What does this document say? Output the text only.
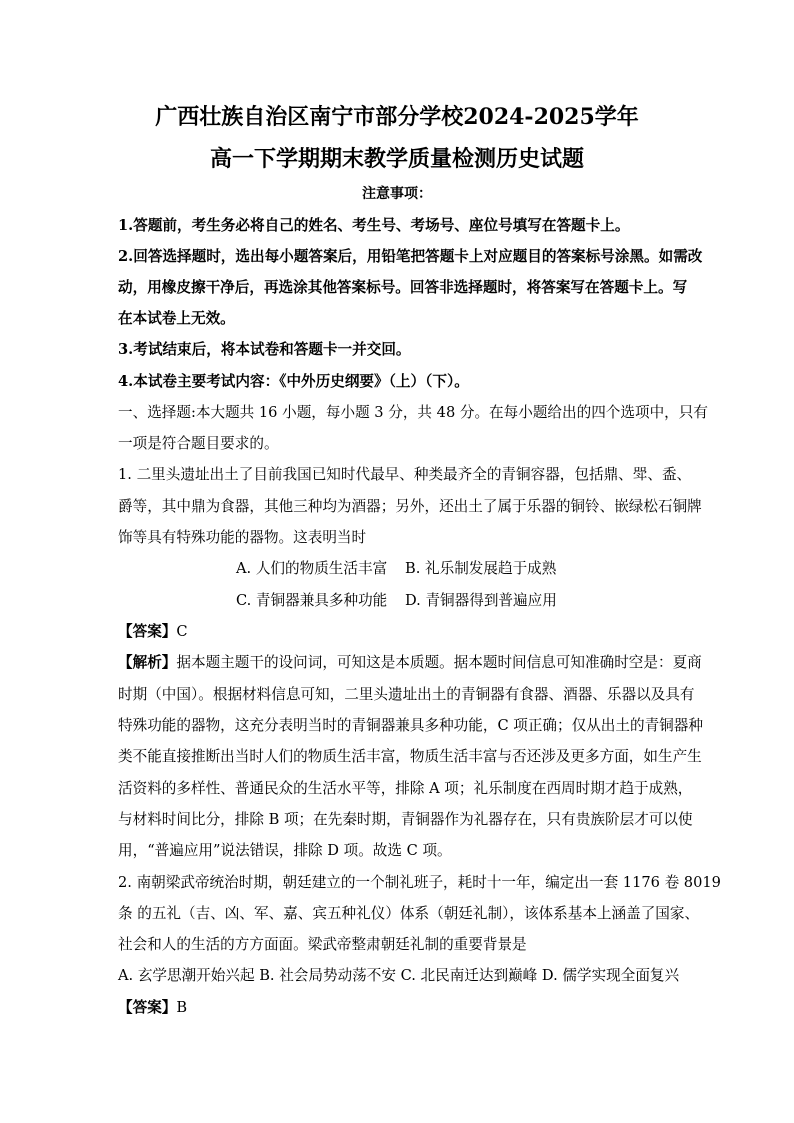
广西壮族自治区南宁市部分学校2024-2025学年
高一下学期期末教学质量检测历史试题
注意事项：
1.答题前，考生务必将自己的姓名、考生号、考场号、座位号填写在答题卡上。
2.回答选择题时，选出每小题答案后，用铅笔把答题卡上对应题目的答案标号涂黑。如需改
动，用橡皮擦干净后，再选涂其他答案标号。回答非选择题时，将答案写在答题卡上。写
在本试卷上无效。
3.考试结束后，将本试卷和答题卡一并交回。
4.本试卷主要考试内容：《中外历史纲要》（上）（下）。
一、选择题:本大题共 16 小题，每小题 3 分，共 48 分。在每小题给出的四个选项中，只有
一项是符合题目要求的。
1. 二里头遗址出土了目前我国已知时代最早、种类最齐全的青铜容器，包括鼎、斝、盉、
爵等，其中鼎为食器，其他三种均为酒器；另外，还出土了属于乐器的铜铃、嵌绿松石铜牌
饰等具有特殊功能的器物。这表明当时
A. 人们的物质生活丰富 B. 礼乐制发展趋于成熟
C. 青铜器兼具多种功能 D. 青铜器得到普遍应用
【答案】C
【解析】据本题主题干的设问词，可知这是本质题。据本题时间信息可知准确时空是：夏商
时期（中国）。根据材料信息可知，二里头遗址出土的青铜器有食器、酒器、乐器以及具有
特殊功能的器物，这充分表明当时的青铜器兼具多种功能，C 项正确；仅从出土的青铜器种
类不能直接推断出当时人们的物质生活丰富，物质生活丰富与否还涉及更多方面，如生产生
活资料的多样性、普通民众的生活水平等，排除 A 项；礼乐制度在西周时期才趋于成熟，
与材料时间比分，排除 B 项；在先秦时期，青铜器作为礼器存在，只有贵族阶层才可以使
用，“普遍应用”说法错误，排除 D 项。故选 C 项。
2. 南朝梁武帝统治时期，朝廷建立的一个制礼班子，耗时十一年，编定出一套 1176 卷 8019
条 的五礼（吉、凶、军、嘉、宾五种礼仪）体系（朝廷礼制），该体系基本上涵盖了国家、
社会和人的生活的方方面面。梁武帝整肃朝廷礼制的重要背景是
A. 玄学思潮开始兴起 B. 社会局势动荡不安 C. 北民南迁达到巅峰 D. 儒学实现全面复兴
【答案】B
